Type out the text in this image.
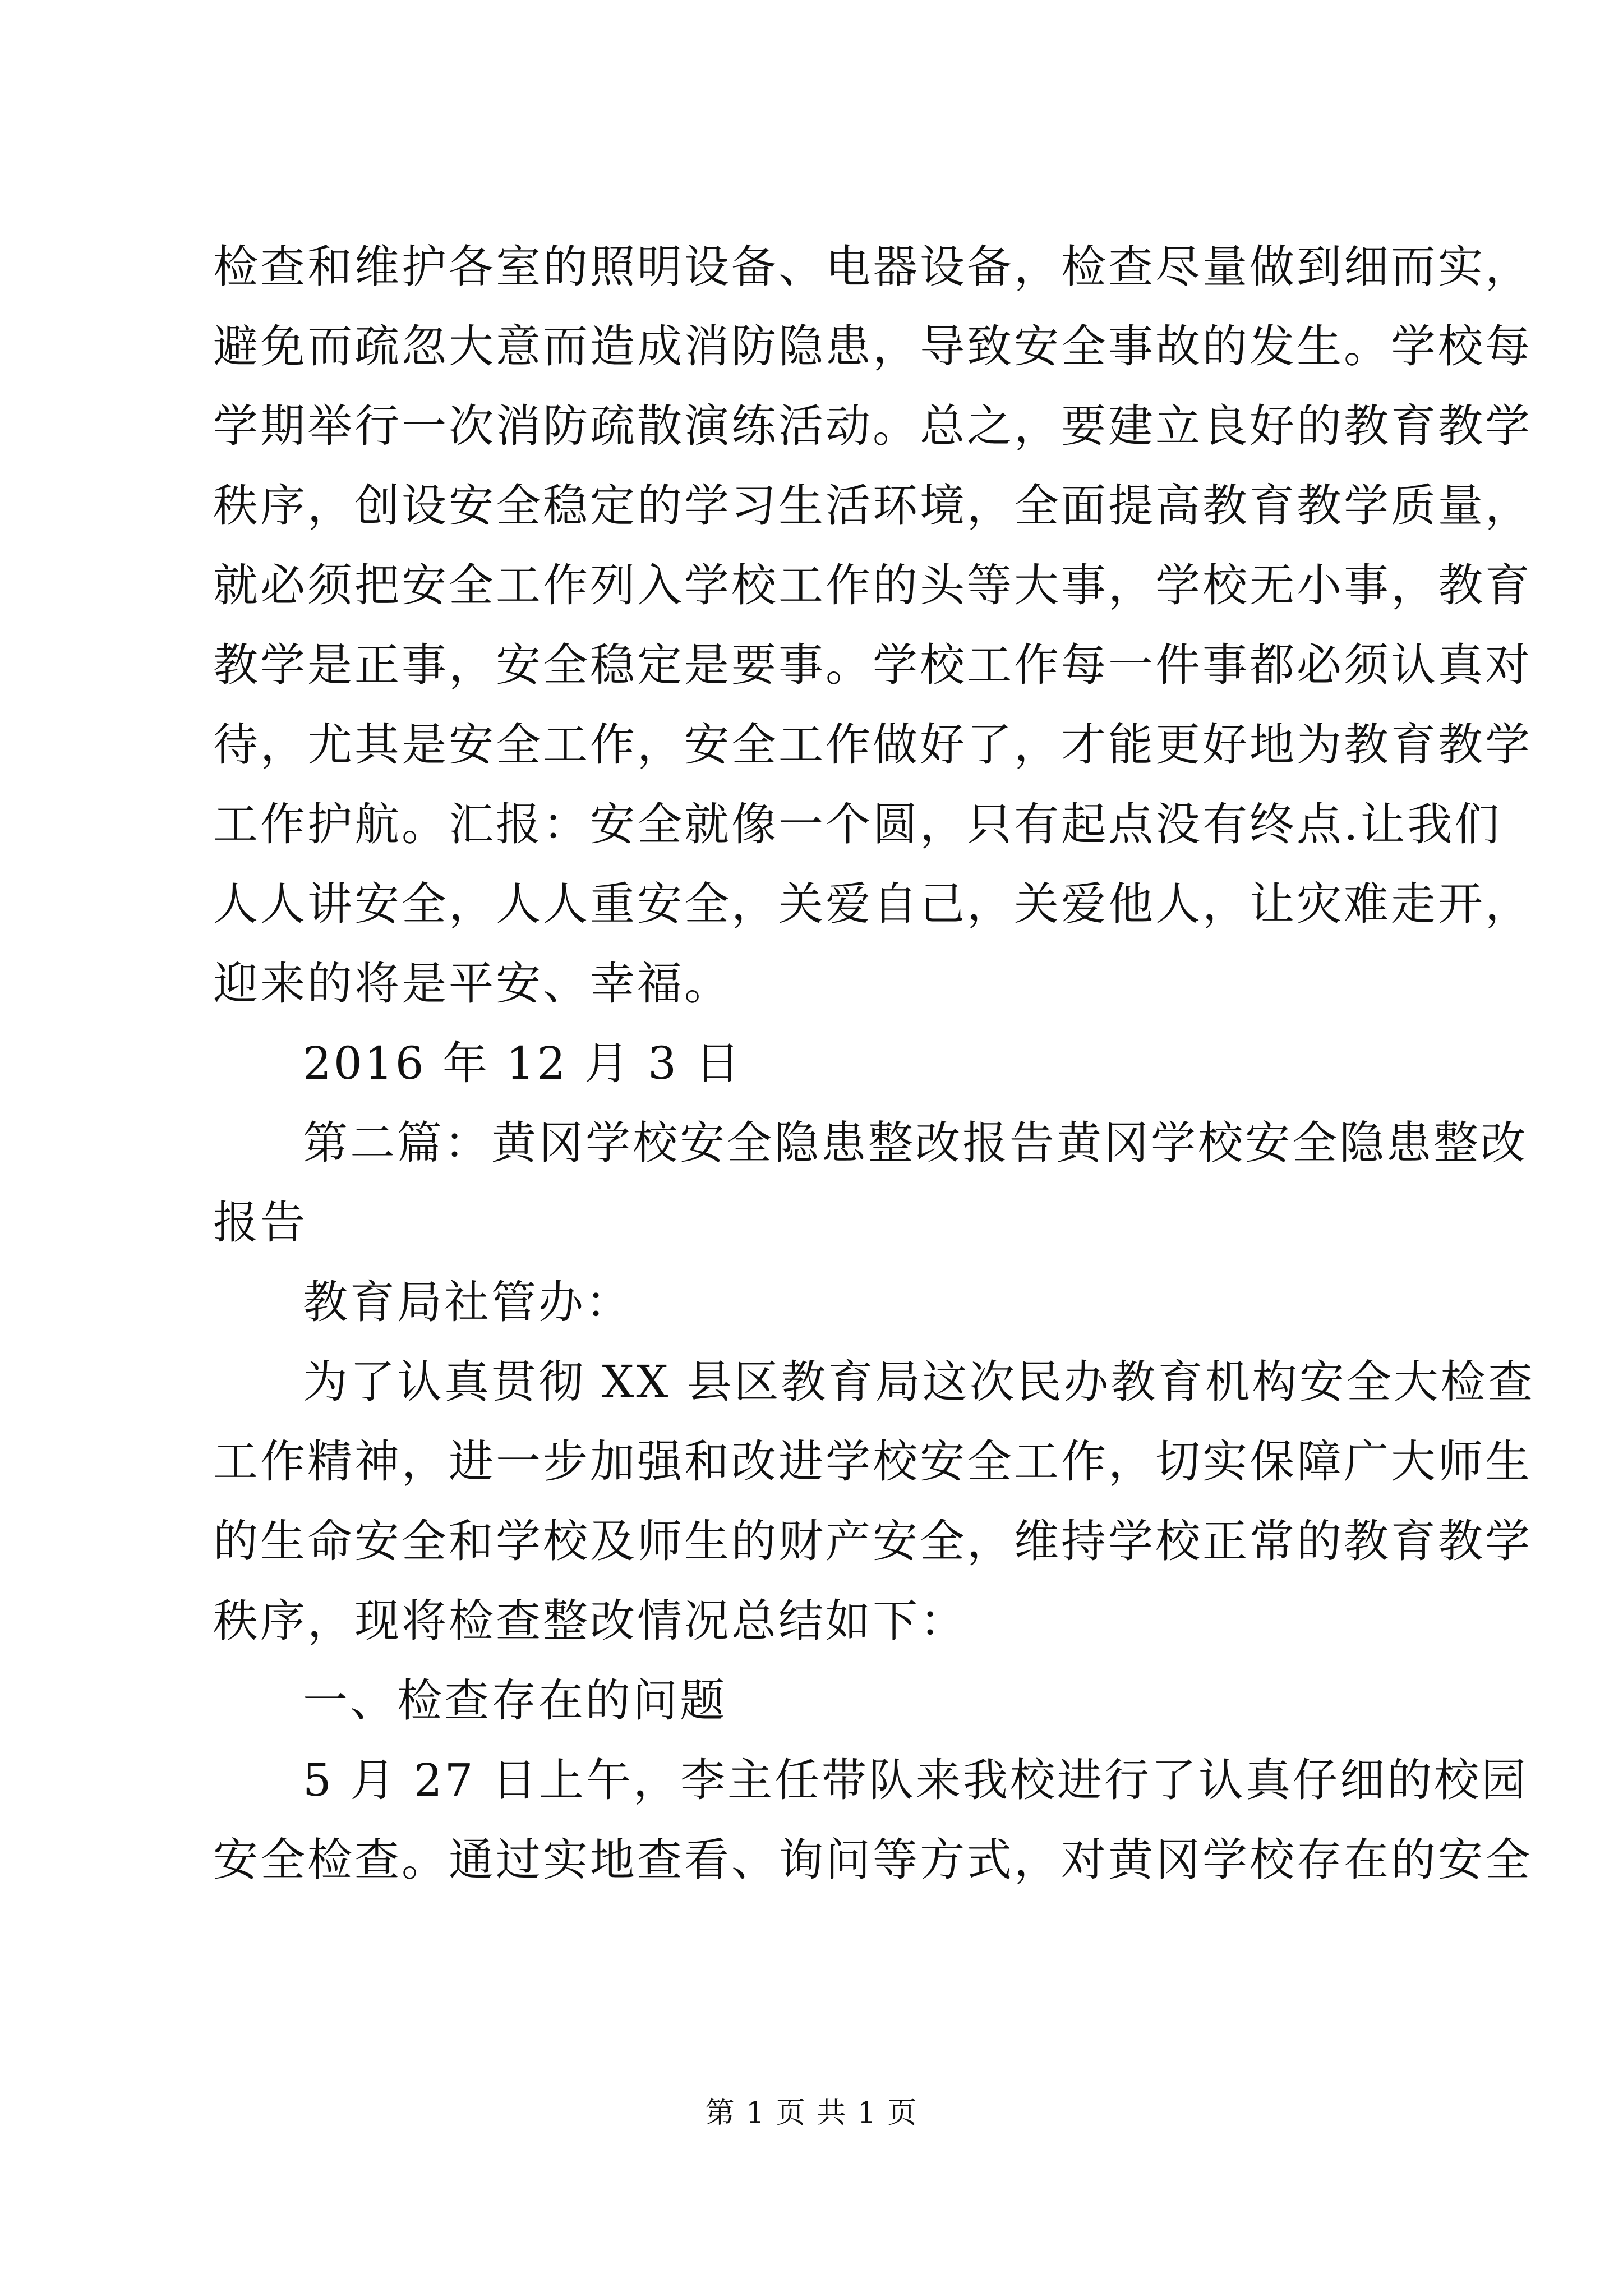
检查和维护各室的照明设备、电器设备，检查尽量做到细而实，
避免而疏忽大意而造成消防隐患，导致安全事故的发生。学校每
学期举行一次消防疏散演练活动。总之，要建立良好的教育教学
秩序，创设安全稳定的学习生活环境，全面提高教育教学质量，
就必须把安全工作列入学校工作的头等大事，学校无小事，教育
教学是正事，安全稳定是要事。学校工作每一件事都必须认真对
待，尤其是安全工作，安全工作做好了，才能更好地为教育教学
工作护航。汇报：安全就像一个圆，只有起点没有终点.让我们
人人讲安全，人人重安全，关爱自己，关爱他人，让灾难走开，
迎来的将是平安、幸福。
2016 年 12 月 3 日
第二篇：黄冈学校安全隐患整改报告黄冈学校安全隐患整改
报告
教育局社管办：
为了认真贯彻 XX 县区教育局这次民办教育机构安全大检查
工作精神，进一步加强和改进学校安全工作，切实保障广大师生
的生命安全和学校及师生的财产安全，维持学校正常的教育教学
秩序，现将检查整改情况总结如下：
一、检查存在的问题
5 月 27 日上午，李主任带队来我校进行了认真仔细的校园
安全检查。通过实地查看、询问等方式，对黄冈学校存在的安全
第 1 页 共 1 页
